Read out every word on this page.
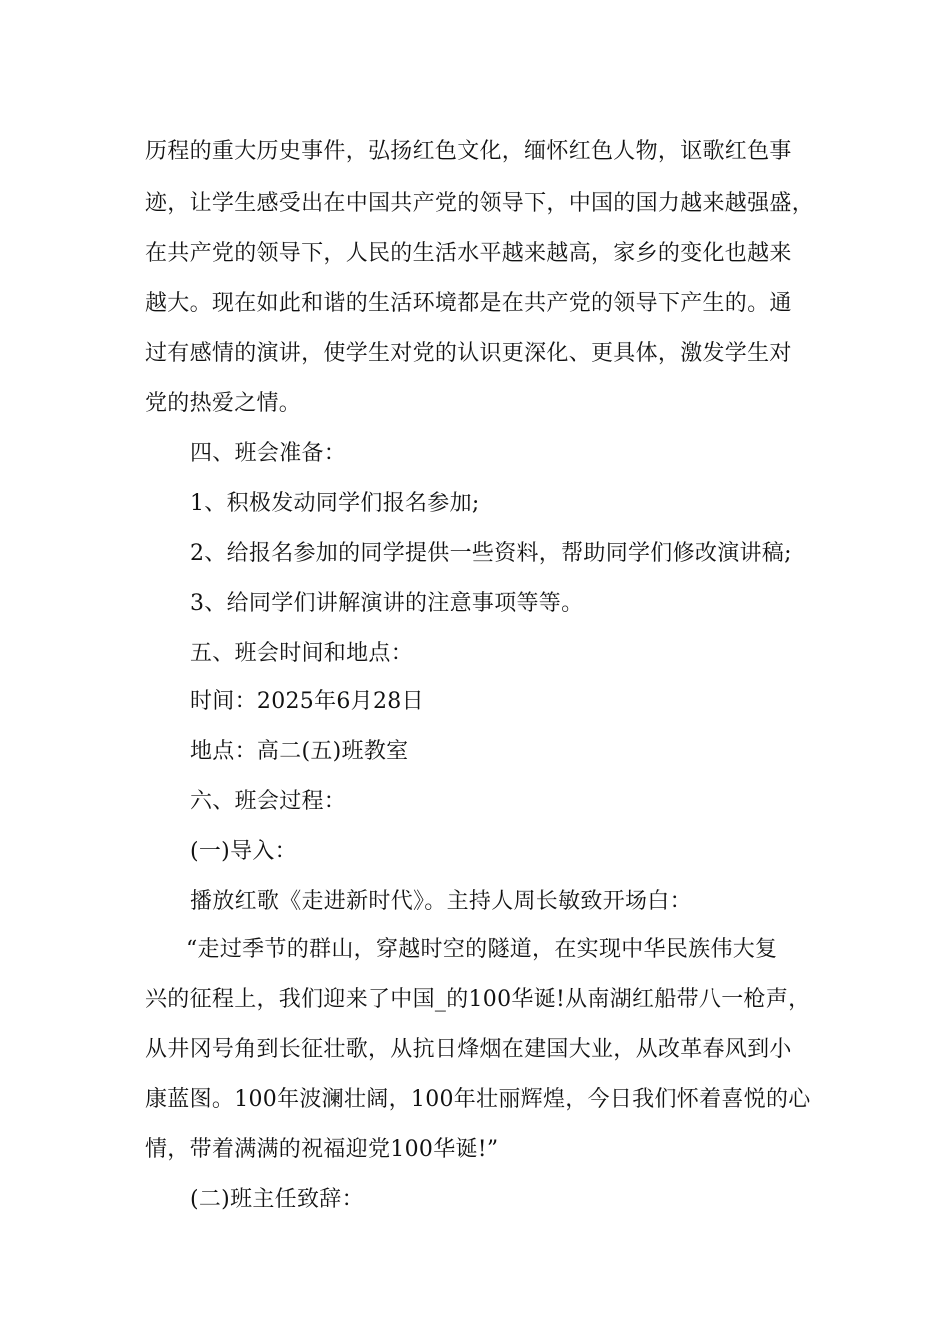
历程的重大历史事件，弘扬红色文化，缅怀红色人物，讴歌红色事
迹，让学生感受出在中国共产党的领导下，中国的国力越来越强盛，
在共产党的领导下，人民的生活水平越来越高，家乡的变化也越来
越大。现在如此和谐的生活环境都是在共产党的领导下产生的。通
过有感情的演讲，使学生对党的认识更深化、更具体，激发学生对
党的热爱之情。
四、班会准备：
1、积极发动同学们报名参加;
2、给报名参加的同学提供一些资料，帮助同学们修改演讲稿;
3、给同学们讲解演讲的注意事项等等。
五、班会时间和地点：
时间：2025年6月28日
地点：高二(五)班教室
六、班会过程：
(一)导入：
播放红歌《走进新时代》。主持人周长敏致开场白：
“走过季节的群山，穿越时空的隧道，在实现中华民族伟大复
兴的征程上，我们迎来了中国_的100华诞!从南湖红船带八一枪声，
从井冈号角到长征壮歌，从抗日烽烟在建国大业，从改革春风到小
康蓝图。100年波澜壮阔，100年壮丽辉煌，今日我们怀着喜悦的心
情，带着满满的祝福迎党100华诞!”
(二)班主任致辞：
